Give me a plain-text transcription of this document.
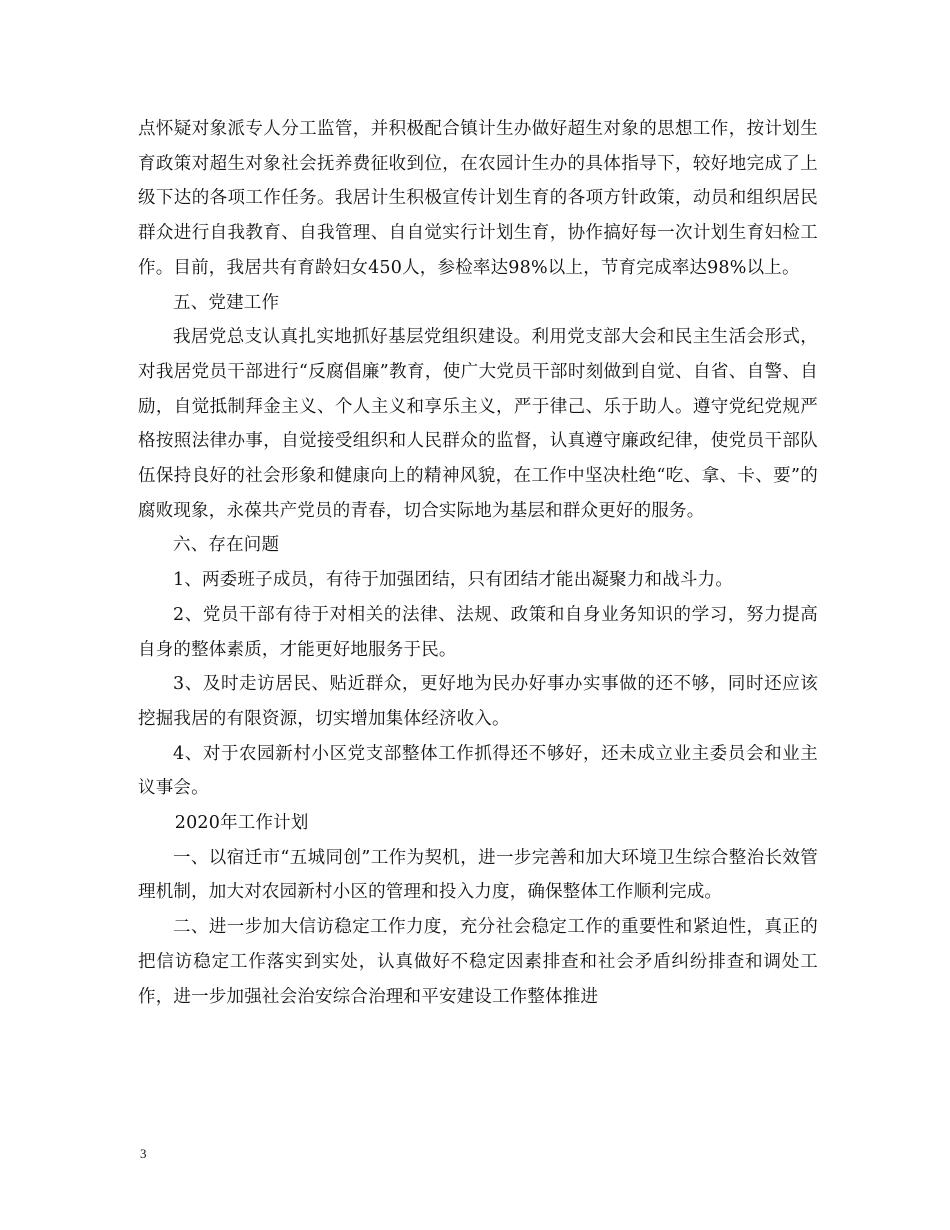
点怀疑对象派专人分工监管，并积极配合镇计生办做好超生对象的思想工作，按计划生育政策对超生对象社会抚养费征收到位，在农园计生办的具体指导下，较好地完成了上级下达的各项工作任务。我居计生积极宣传计划生育的各项方针政策，动员和组织居民群众进行自我教育、自我管理、自自觉实行计划生育，协作搞好每一次计划生育妇检工作。目前，我居共有育龄妇女450人，参检率达98%以上，节育完成率达98%以上。

五、党建工作

我居党总支认真扎实地抓好基层党组织建设。利用党支部大会和民主生活会形式，对我居党员干部进行“反腐倡廉”教育，使广大党员干部时刻做到自觉、自省、自警、自励，自觉抵制拜金主义、个人主义和享乐主义，严于律己、乐于助人。遵守党纪党规严格按照法律办事，自觉接受组织和人民群众的监督，认真遵守廉政纪律，使党员干部队伍保持良好的社会形象和健康向上的精神风貌，在工作中坚决杜绝“吃、拿、卡、要”的腐败现象，永葆共产党员的青春，切合实际地为基层和群众更好的服务。

六、存在问题

1、两委班子成员，有待于加强团结，只有团结才能出凝聚力和战斗力。

2、党员干部有待于对相关的法律、法规、政策和自身业务知识的学习，努力提高自身的整体素质，才能更好地服务于民。

3、及时走访居民、贴近群众，更好地为民办好事办实事做的还不够，同时还应该挖掘我居的有限资源，切实增加集体经济收入。

4、对于农园新村小区党支部整体工作抓得还不够好，还未成立业主委员会和业主议事会。

2020年工作计划

一、以宿迁市“五城同创”工作为契机，进一步完善和加大环境卫生综合整治长效管理机制，加大对农园新村小区的管理和投入力度，确保整体工作顺利完成。

二、进一步加大信访稳定工作力度，充分社会稳定工作的重要性和紧迫性，真正的把信访稳定工作落实到实处，认真做好不稳定因素排查和社会矛盾纠纷排查和调处工作，进一步加强社会治安综合治理和平安建设工作整体推进

3
